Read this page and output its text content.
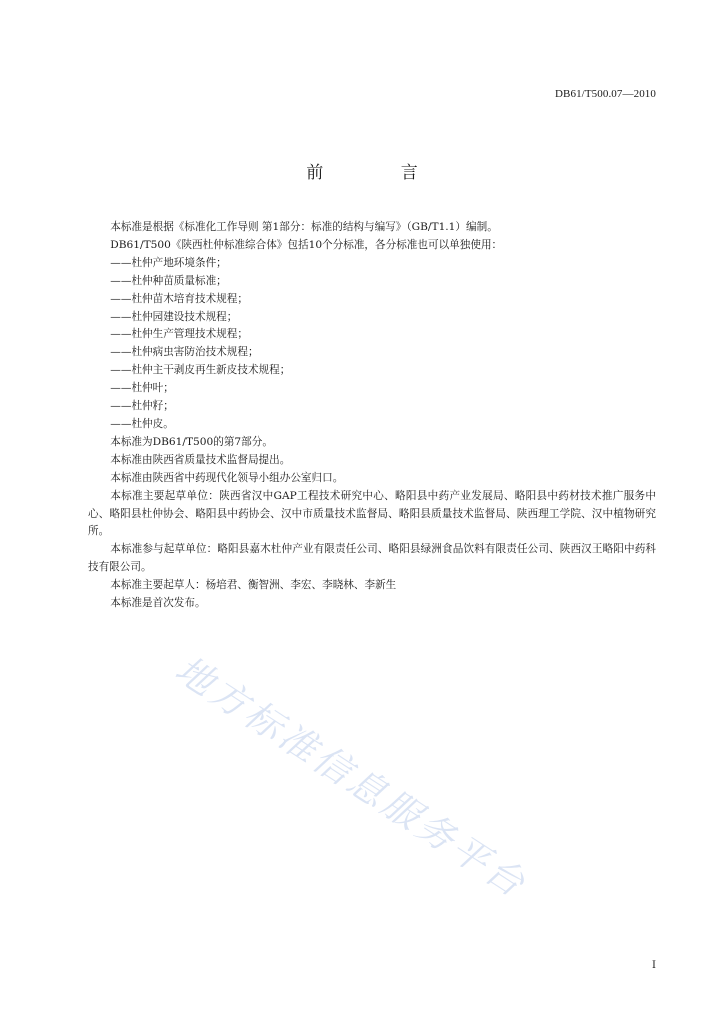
DB61/T500.07—2010
前 言

本标准是根据《标准化工作导则 第1部分：标准的结构与编写》（GB/T1.1）编制。

DB61/T500《陕西杜仲标准综合体》包括10个分标准，各分标准也可以单独使用：

——杜仲产地环境条件；

——杜仲种苗质量标准；

——杜仲苗木培育技术规程；

——杜仲园建设技术规程；

——杜仲生产管理技术规程；

——杜仲病虫害防治技术规程；

——杜仲主干剥皮再生新皮技术规程；

——杜仲叶；

——杜仲籽；

——杜仲皮。

本标准为DB61/T500的第7部分。

本标准由陕西省质量技术监督局提出。

本标准由陕西省中药现代化领导小组办公室归口。

本标准主要起草单位：陕西省汉中GAP工程技术研究中心、略阳县中药产业发展局、略阳县中药材技术推广服务中心、略阳县杜仲协会、略阳县中药协会、汉中市质量技术监督局、略阳县质量技术监督局、陕西理工学院、汉中植物研究所。

本标准参与起草单位：略阳县嘉木杜仲产业有限责任公司、略阳县绿洲食品饮料有限责任公司、陕西汉王略阳中药科技有限公司。

本标准主要起草人：杨培君、衡智洲、李宏、李晓林、李新生

本标准是首次发布。

地方标准信息服务平台
I
